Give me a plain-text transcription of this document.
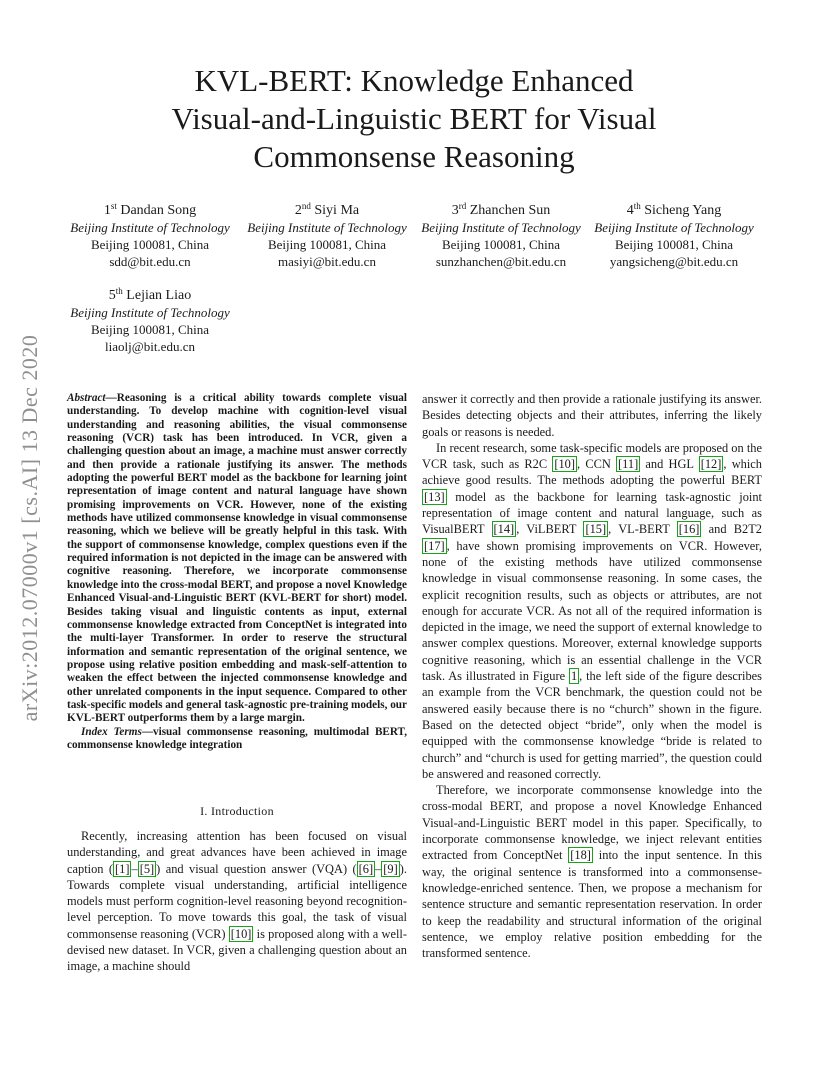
KVL-BERT: Knowledge Enhanced
Visual-and-Linguistic BERT for Visual
Commonsense Reasoning
1st Dandan Song
Beijing Institute of Technology
Beijing 100081, China
sdd@bit.edu.cn
2nd Siyi Ma
Beijing Institute of Technology
Beijing 100081, China
masiyi@bit.edu.cn
3rd Zhanchen Sun
Beijing Institute of Technology
Beijing 100081, China
sunzhanchen@bit.edu.cn
4th Sicheng Yang
Beijing Institute of Technology
Beijing 100081, China
yangsicheng@bit.edu.cn
5th Lejian Liao
Beijing Institute of Technology
Beijing 100081, China
liaolj@bit.edu.cn
arXiv:2012.07000v1 [cs.AI] 13 Dec 2020 Abstract—Reasoning is a critical ability towards complete visual understanding. To develop machine with cognition-level visual understanding and reasoning abilities, the visual commonsense reasoning (VCR) task has been introduced. In VCR, given a challenging question about an image, a machine must answer correctly and then provide a rationale justifying its answer. The methods adopting the powerful BERT model as the backbone for learning joint representation of image content and natural language have shown promising improvements on VCR. However, none of the existing methods have utilized commonsense knowledge in visual commonsense reasoning, which we believe will be greatly helpful in this task. With the support of commonsense knowledge, complex questions even if the required information is not depicted in the image can be answered with cognitive reasoning. Therefore, we incorporate commonsense knowledge into the cross-modal BERT, and propose a novel Knowledge Enhanced Visual-and-Linguistic BERT (KVL-BERT for short) model. Besides taking visual and linguistic contents as input, external commonsense knowledge extracted from ConceptNet is integrated into the multi-layer Transformer. In order to reserve the structural information and semantic representation of the original sentence, we propose using relative position embedding and mask-self-attention to weaken the effect between the injected commonsense knowledge and other unrelated components in the input sequence. Compared to other task-specific models and general task-agnostic pre-training models, our KVL-BERT outperforms them by a large margin.

Index Terms—visual commonsense reasoning, multimodal BERT, commonsense knowledge integration

I. Introduction

Recently, increasing attention has been focused on visual understanding, and great advances have been achieved in image caption ( [1] – [5] ) and visual question answer (VQA) ( [6] – [9] ). Towards complete visual understanding, artificial intelligence models must perform cognition-level reasoning beyond recognition-level perception. To move towards this goal, the task of visual commonsense reasoning (VCR) [10] is proposed along with a well-devised new dataset. In VCR, given a challenging question about an image, a machine should

answer it correctly and then provide a rationale justifying its answer. Besides detecting objects and their attributes, inferring the likely goals or reasons is needed.

In recent research, some task-specific models are proposed on the VCR task, such as R2C [10] , CCN [11] and HGL [12] , which achieve good results. The methods adopting the powerful BERT [13] model as the backbone for learning task-agnostic joint representation of image content and natural language, such as VisualBERT [14] , ViLBERT [15] , VL-BERT [16] and B2T2 [17] , have shown promising improvements on VCR. However, none of the existing methods have utilized commonsense knowledge in visual commonsense reasoning. In some cases, the explicit recognition results, such as objects or attributes, are not enough for accurate VCR. As not all of the required information is depicted in the image, we need the support of external knowledge to answer complex questions. Moreover, external knowledge supports cognitive reasoning, which is an essential challenge in the VCR task. As illustrated in Figure 1 , the left side of the figure describes an example from the VCR benchmark, the question could not be answered easily because there is no “church” shown in the figure. Based on the detected object “bride”, only when the model is equipped with the commonsense knowledge “bride is related to church” and “church is used for getting married”, the question could be answered and reasoned correctly.

Therefore, we incorporate commonsense knowledge into the cross-modal BERT, and propose a novel Knowledge Enhanced Visual-and-Linguistic BERT model in this paper. Specifically, to incorporate commonsense knowledge, we inject relevant entities extracted from ConceptNet [18] into the input sentence. In this way, the original sentence is transformed into a commonsense-knowledge-enriched sentence. Then, we propose a mechanism for sentence structure and semantic representation reservation. In order to keep the readability and structural information of the original sentence, we employ relative position embedding for the transformed sentence.
